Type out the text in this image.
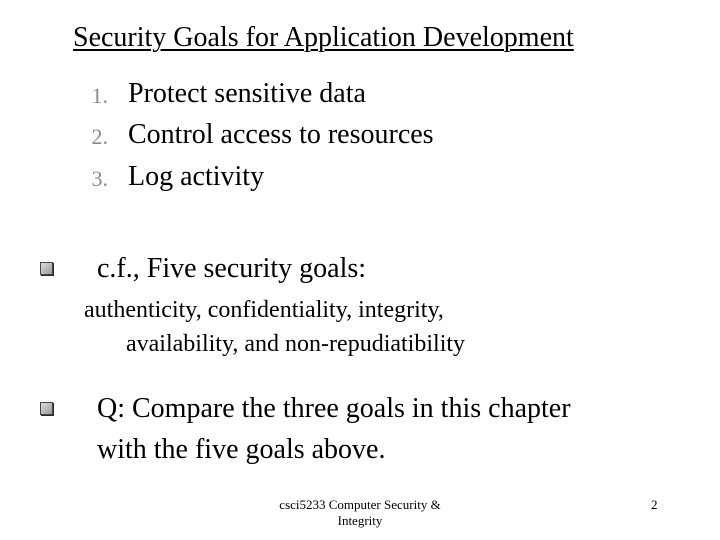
Security Goals for Application Development
1. Protect sensitive data
2. Control access to resources
3. Log activity
c.f., Five security goals:
authenticity, confidentiality, integrity,
availability, and non-repudiatibility
Q: Compare the three goals in this chapter
with the five goals above.
csci5233 Computer Security & Integrity
2
